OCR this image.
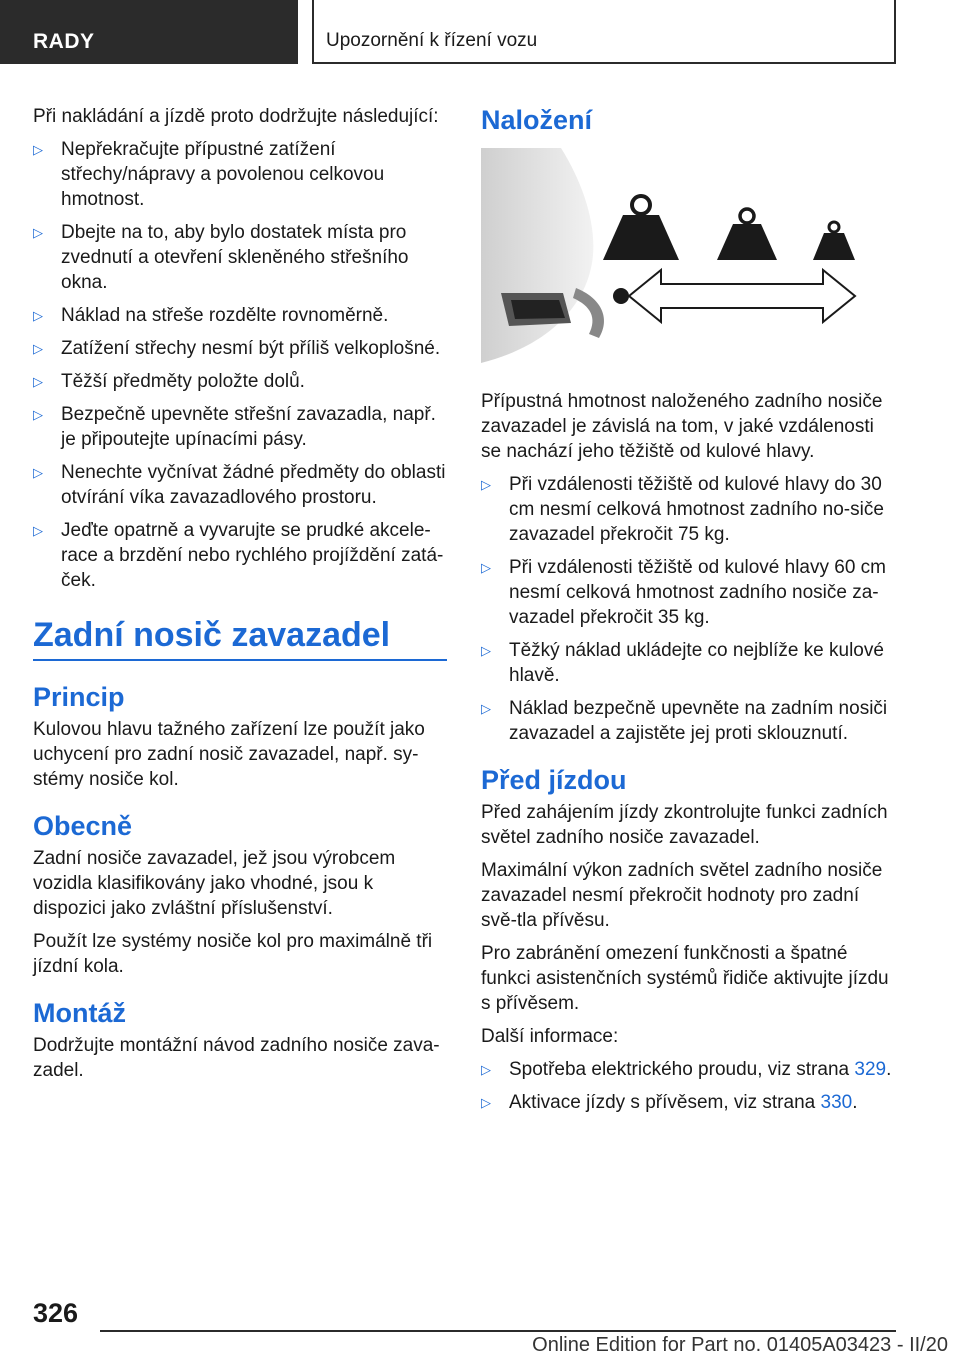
RADY	Upozornění k řízení vozu

Při nakládání a jízdě proto dodržujte následující:

▷ Nepřekračujte přípustné zatížení střechy/nápravy a povolenou celkovou hmotnost.
▷ Dbejte na to, aby bylo dostatek místa pro zvednutí a otevření skleněného střešního okna.
▷ Náklad na střeše rozdělte rovnoměrně.
▷ Zatížení střechy nesmí být příliš velkoplošné.
▷ Těžší předměty položte dolů.
▷ Bezpečně upevněte střešní zavazadla, např. je připoutejte upínacími pásy.
▷ Nenechte vyčnívat žádné předměty do oblasti otvírání víka zavazadlového prostoru.
▷ Jeďte opatrně a vyvarujte se prudké akcele-race a brzdění nebo rychlého projíždění zatá-ček.
Zadní nosič zavazadel
Princip

Kulovou hlavu tažného zařízení lze použít jako uchycení pro zadní nosič zavazadel, např. sy-stémy nosiče kol.

Obecně

Zadní nosiče zavazadel, jež jsou výrobcem vozidla klasifikovány jako vhodné, jsou k dispozici jako zvláštní příslušenství.

Použít lze systémy nosiče kol pro maximálně tři jízdní kola.

Montáž

Dodržujte montážní návod zadního nosiče zava-zadel.

Naložení

Přípustná hmotnost naloženého zadního nosiče zavazadel je závislá na tom, v jaké vzdálenosti se nachází jeho těžiště od kulové hlavy.

▷ Při vzdálenosti těžiště od kulové hlavy do 30 cm nesmí celková hmotnost zadního no-siče zavazadel překročit 75 kg.
▷ Při vzdálenosti těžiště od kulové hlavy 60 cm nesmí celková hmotnost zadního nosiče za-vazadel překročit 35 kg.
▷ Těžký náklad ukládejte co nejblíže ke kulové hlavě.
▷ Náklad bezpečně upevněte na zadním nosiči zavazadel a zajistěte jej proti sklouznutí.
Před jízdou

Před zahájením jízdy zkontrolujte funkci zadních světel zadního nosiče zavazadel.

Maximální výkon zadních světel zadního nosiče zavazadel nesmí překročit hodnoty pro zadní svě-tla přívěsu.

Pro zabránění omezení funkčnosti a špatné funkci asistenčních systémů řidiče aktivujte jízdu s přívěsem.

Další informace:

▷ Spotřeba elektrického proudu, viz strana 329.
▷ Aktivace jízdy s přívěsem, viz strana 330.
326
Online Edition for Part no. 01405A03423 - II/20
